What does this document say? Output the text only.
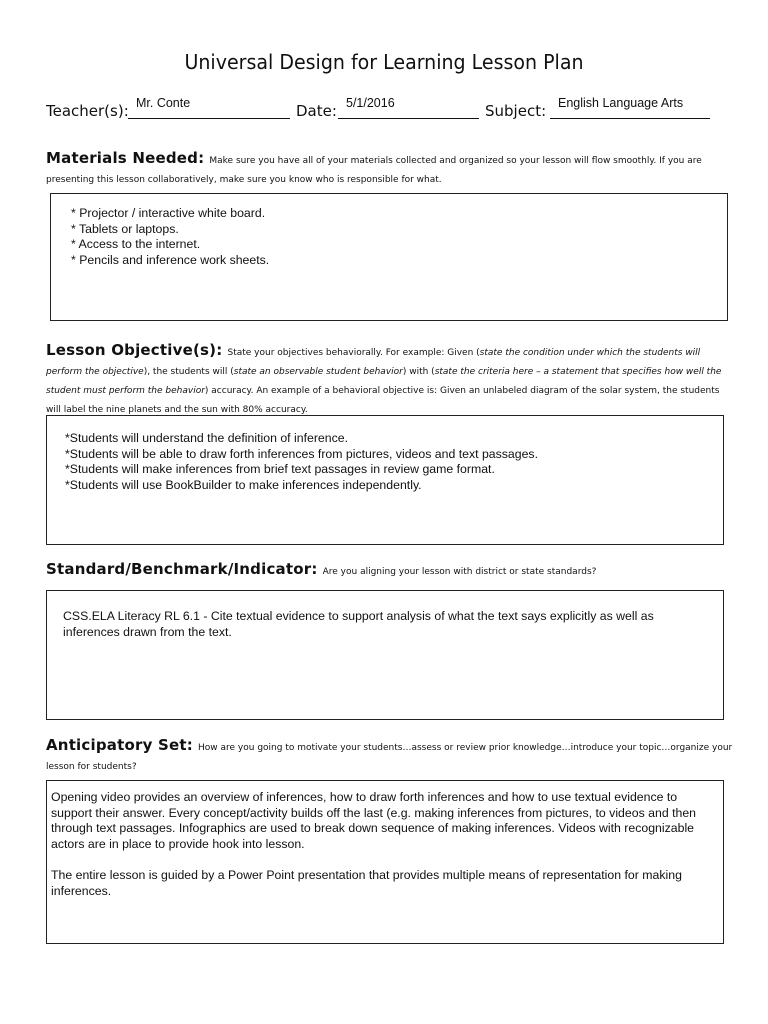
Universal Design for Learning Lesson Plan
Teacher(s): Mr. Conte	Date: 5/1/2016	Subject: English Language Arts
Materials Needed: Make sure you have all of your materials collected and organized so your lesson will flow smoothly. If you are presenting this lesson collaboratively, make sure you know who is responsible for what.

* Projector / interactive white board.

* Tablets or laptops.

* Access to the internet.

* Pencils and inference work sheets.

Lesson Objective(s): State your objectives behaviorally. For example: Given (state the condition under which the students will perform the objective), the students will (state an observable student behavior) with (state the criteria here – a statement that specifies how well the student must perform the behavior) accuracy. An example of a behavioral objective is: Given an unlabeled diagram of the solar system, the students will label the nine planets and the sun with 80% accuracy.

*Students will understand the definition of inference.

*Students will be able to draw forth inferences from pictures, videos and text passages.

*Students will make inferences from brief text passages in review game format.

*Students will use BookBuilder to make inferences independently.

Standard/Benchmark/Indicator: Are you aligning your lesson with district or state standards?

CSS.ELA Literacy RL 6.1 - Cite textual evidence to support analysis of what the text says explicitly as well as inferences drawn from the text.

Anticipatory Set: How are you going to motivate your students…assess or review prior knowledge…introduce your topic…organize your lesson for students?

Opening video provides an overview of inferences, how to draw forth inferences and how to use textual evidence to support their answer. Every concept/activity builds off the last (e.g. making inferences from pictures, to videos and then through text passages. Infographics are used to break down sequence of making inferences. Videos with recognizable actors are in place to provide hook into lesson.

The entire lesson is guided by a Power Point presentation that provides multiple means of representation for making inferences.
